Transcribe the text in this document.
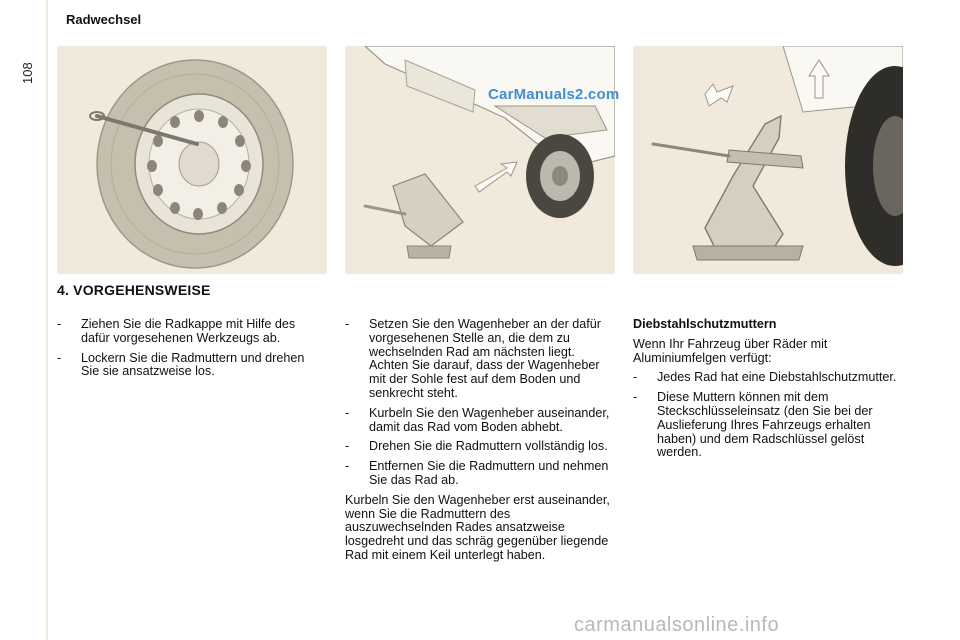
108
Radwechsel
CarManuals2.com
4. VORGEHENSWEISE
- Ziehen Sie die Radkappe mit Hilfe des dafür vorgesehenen Werkzeugs ab.
- Lockern Sie die Radmuttern und drehen Sie sie ansatzweise los.
- Setzen Sie den Wagenheber an der dafür vorgesehenen Stelle an, die dem zu wechselnden Rad am nächsten liegt. Achten Sie darauf, dass der Wagenheber mit der Sohle fest auf dem Boden und senkrecht steht.
- Kurbeln Sie den Wagenheber auseinander, damit das Rad vom Boden abhebt.
- Drehen Sie die Radmuttern vollständig los.
- Entfernen Sie die Radmuttern und nehmen Sie das Rad ab.
Kurbeln Sie den Wagenheber erst auseinander, wenn Sie die Radmuttern des auszuwechselnden Rades ansatzweise losgedreht und das schräg gegenüber liegende Rad mit einem Keil unterlegt haben.
Diebstahlschutzmuttern
Wenn Ihr Fahrzeug über Räder mit Aluminiumfelgen verfügt:
- Jedes Rad hat eine Diebstahlschutzmutter.
- Diese Muttern können mit dem Steckschlüsseleinsatz (den Sie bei der Auslieferung Ihres Fahrzeugs erhalten haben) und dem Radschlüssel gelöst werden.
carmanualsonline.info
